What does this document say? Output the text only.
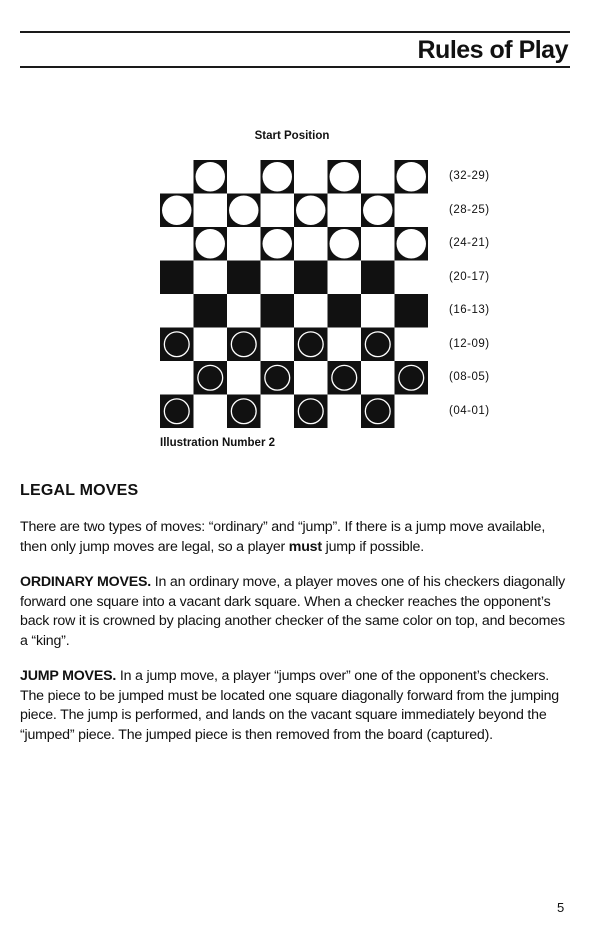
Rules of Play
Start Position
(32-29)
(28-25)
(24-21)
(20-17)
(16-13)
(12-09)
(08-05)
(04-01)
Illustration Number 2
LEGAL MOVES

There are two types of moves: “ordinary” and “jump”. If there is a jump move available, then only jump moves are legal, so a player must jump if possible.

ORDINARY MOVES. In an ordinary move, a player moves one of his checkers diagonally forward one square into a vacant dark square. When a checker reaches the opponent’s back row it is crowned by placing another checker of the same color on top, and becomes a “king”.

JUMP MOVES. In a jump move, a player “jumps over” one of the opponent’s checkers. The piece to be jumped must be located one square diagonally forward from the jumping piece. The jump is performed, and lands on the vacant square immediately beyond the “jumped” piece. The jumped piece is then removed from the board (captured).

5
